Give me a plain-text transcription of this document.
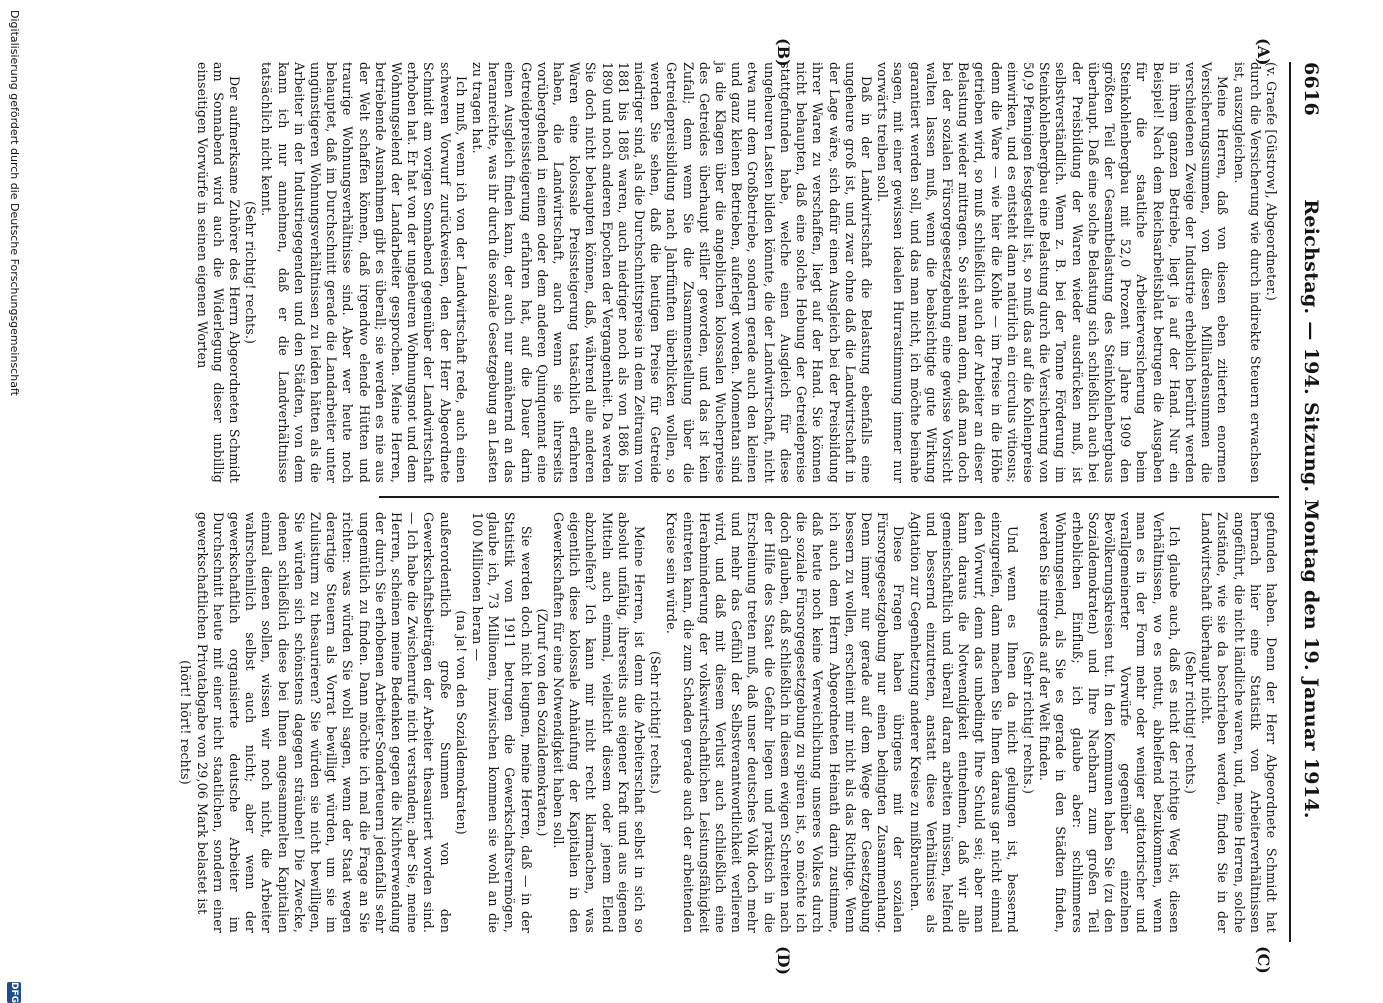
6616
Reichstag. — 194. Sitzung. Montag den 19. Januar 1914.
(A)
(B)
(C)
(D)

(v. Graefe [Güstrow], Abgeordneter.)

durch die Versicherung wie durch indirekte Steuern erwachsen ist, auszugleichen.

Meine Herren, daß von diesen eben zitierten enormen Versicherungssummen, von diesen Milliardensummen die verschiedenen Zweige der Industrie erheblich berührt werden in ihrem ganzen Betriebe, liegt ja auf der Hand. Nur ein Beispiel! Nach dem Reichsarbeitsblatt betrugen die Ausgaben für die staatliche Arbeiterversicherung beim Steinkohlenbergbau mit 52,0 Prozent im Jahre 1909 den größten Teil der Gesamtbelastung des Steinkohlenbergbaus überhaupt. Daß eine solche Belastung sich schließlich auch bei der Preisbildung der Waren wieder ausdrücken muß, ist selbstverständlich. Wenn z. B. bei der Tonne Förderung im Steinkohlenbergbau eine Belastung durch die Versicherung von 50,9 Pfennigen festgestellt ist, so muß das auf die Kohlenpreise einwirken, und es entsteht dann natürlich ein circulus vitiosus; denn die Ware — wie hier die Kohle — im Preise in die Höhe getrieben wird, so muß schließlich auch der Arbeiter an dieser Belastung wieder mittragen. So sieht man denn, daß man doch bei der sozialen Fürsorgegesetzgebung eine gewisse Vorsicht walten lassen muß, wenn die beabsichtigte gute Wirkung garantiert werden soll, und das man nicht, ich möchte beinahe sagen, mit einer gewissen idealen Hurrastimmung immer nur vorwärts treiben soll.

Daß in der Landwirtschaft die Belastung ebenfalls eine ungeheure groß ist, und zwar ohne daß die Landwirtschaft in der Lage wäre, sich dafür einen Ausgleich bei der Preisbildung ihrer Waren zu verschaffen, liegt auf der Hand. Sie können nicht behaupten, daß eine solche Hebung der Getreidepreise stattgefunden habe, welche einen Ausgleich für diese ungeheuren Lasten bilden könnte, die der Landwirtschaft, nicht etwa nur dem Großbetriebe, sondern gerade auch den kleinen und ganz kleinen Betrieben, auferlegt worden. Momentan sind ja die Klagen über die angeblichen kolossalen Wucherpreise des Getreides überhaupt stiller geworden, und das ist kein Zufall; denn wenn Sie die Zusammenstellung über die Getreidepreisbildung nach Jahrfünften überblicken wollen, so werden Sie sehen, daß die heutigen Preise für Getreide niedriger sind, als die Durchschnittspreise in dem Zeitraum von 1881 bis 1885 waren, auch niedriger noch als von 1886 bis 1890 und noch anderen Epochen der Vergangenheit. Da werden Sie doch nicht behaupten können, daß, während alle anderen Waren eine kolossale Preissteigerung tatsächlich erfahren haben, die Landwirtschaft, auch wenn sie ihrerseits vorübergehend in einem oder dem anderen Quinquennat eine Getreidepreissteigerung erfahren hat, auf die Dauer darin einen Ausgleich finden kann, der auch nur annähernd an das heranreichte, was ihr durch die soziale Gesetzgebung an Lasten zu tragen hat.

Ich muß, wenn ich von der Landwirtschaft rede, auch einen schweren Vorwurf zurückweisen, den der Herr Abgeordnete Schmidt am vorigen Sonnabend gegenüber der Landwirtschaft erhoben hat. Er hat von der ungeheuren Wohnungsnot und dem Wohnungselend der Landarbeiter gesprochen. Meine Herren, betriebende Ausnahmen gibt es überall; sie werden es nie aus der Welt schaffen können, daß irgendwo elende Hütten und traurige Wohnungsverhältnisse sind. Aber wer heute noch behauptet, daß im Durchschnitt gerade die Landarbeiter unter ungünstigeren Wohnungsverhältnissen zu leiden hätten als die Arbeiter in der Industriegegenden und den Städten, von dem kann ich nur annehmen, daß er die Landverhältnisse tatsächlich nicht kennt.

(Sehr richtig! rechts.)

Der aufmerksame Zuhörer des Herrn Abgeordneten Schmidt am Sonnabend wird auch die Widerlegung dieser unbillig einseitigen Vorwürfe in seinen eigenen Worten

gefunden haben. Denn der Herr Abgeordnete Schmidt hat hernach hier eine Statistik von Arbeiterverhältnissen angeführt, die nicht ländliche waren, und, meine Herren, solche Zustände, wie sie da beschrieben werden, finden Sie in der Landwirtschaft überhaupt nicht.

(Sehr richtig! rechts.)

Ich glaube auch, daß es nicht der richtige Weg ist, diesen Verhältnissen, wo es nottut, abhelfend beizukommen, wenn man es in der Form mehr oder weniger agitatorischer und verallgemeinerter Vorwürfe gegenüber einzelnen Bevölkerungskreisen tut. In den Kommunen haben Sie (zu den Sozialdemokraten) und Ihre Nachbarn zum großen Teil erheblichen Einfluß; ich glaube aber: schlimmeres Wohnungselend, als Sie es gerade in den Städten finden, werden Sie nirgends auf der Welt finden.

(Sehr richtig! rechts.)

Und wenn es Ihnen da nicht gelungen ist, bessernd einzugreifen, dann machen Sie Ihnen daraus gar nicht einmal den Vorwurf, denn das unbedingt Ihre Schuld sei; aber man kann daraus die Notwendigkeit entnehmen, daß wir alle gemeinschaftlich und überall daran arbeiten müssen, helfend und bessernd einzutreten, anstatt diese Verhältnisse als Agitation zur Gegenhetzung anderer Kreise zu mißbrauchen.

Diese Fragen haben übrigens mit der sozialen Fürsorgegesetzgebung nur einen bedingten Zusammenhang. Denn immer nur gerade auf dem Wege der Gesetzgebung bessern zu wollen, erscheint mir nicht als das Richtige. Wenn ich auch dem Herrn Abgeordneten Heinath darin zustimme, daß heute noch keine Verweichlichung unseres Volkes durch die soziale Fürsorgegesetzgebung zu spüren ist, so möchte ich doch glauben, daß schließlich in diesem ewigen Schreiten nach der Hilfe des Staat die Gefahr liegen und praktisch in die Erscheinung treten muß, daß unser deutsches Volk doch mehr und mehr das Gefühl der Selbstverantwortlichkeit verlieren wird, und daß mit diesem Verlust auch schließlich eine Herabminderung der volkswirtschaftlichen Leistungsfähigkeit eintreten kann, die zum Schaden gerade auch der arbeitenden Kreise sein würde.

(Sehr richtig! rechts.)

Meine Herren, ist denn die Arbeiterschaft selbst in sich so absolut unfähig, ihrerseits aus eigener Kraft und aus eigenen Mitteln auch einmal, vielleicht diesem oder jenem Elend abzuhelfen? Ich kann mir nicht recht klarmachen, was eigentlich diese kolossale Anhäufung der Kapitalien in den Gewerkschaften für eine Notwendigkeit haben soll.

(Zuruf von den Sozialdemokraten.)

Sie werden doch nicht leugnen, meine Herren, daß — in der Statistik von 1911 betrugen die Gewerkschaftsvermögen, glaube ich, 73 Millionen, inzwischen kommen sie wohl an die 100 Millionen heran —

(na ja! von den Sozialdemokraten)

außerordentlich große Summen von den Gewerkschaftsbeiträgen der Arbeiter thesauriert worden sind. — Ich habe die Zwischenrufe nicht verstanden; aber Sie, meine Herren, scheinen meine Bedenken gegen die Nichtverwendung der durch Sie erhobenen Arbeiter-Sonderteuern jedenfalls sehr ungemütlich zu finden. Dann möchte ich mal die Frage an Sie richten: was würden Sie wohl sagen, wenn der Staat wegen derartige Steuern als Vorrat bewilligt würden, um sie im Zuluisturm zu thesaurieren? Sie würden sie nicht bewilligen, Sie würden sich schönstens dagegen sträuben! Die Zwecke, denen schließlich diese bei Ihnen angesammelten Kapitalien einmal dienen sollen, wissen wir noch nicht, die Arbeiter wahrscheinlich selbst auch nicht; aber wenn der gewerkschaftlich organisierte deutsche Arbeiter im Durchschnitt heute mit einer nicht staatlichen, sondern einer gewerkschaftlichen Privatabgabe von 29,06 Mark belastet ist

(hört! hört! rechts)

Digitalisierung gefördert durch die Deutsche Forschungsgemeinschaft
DFG
